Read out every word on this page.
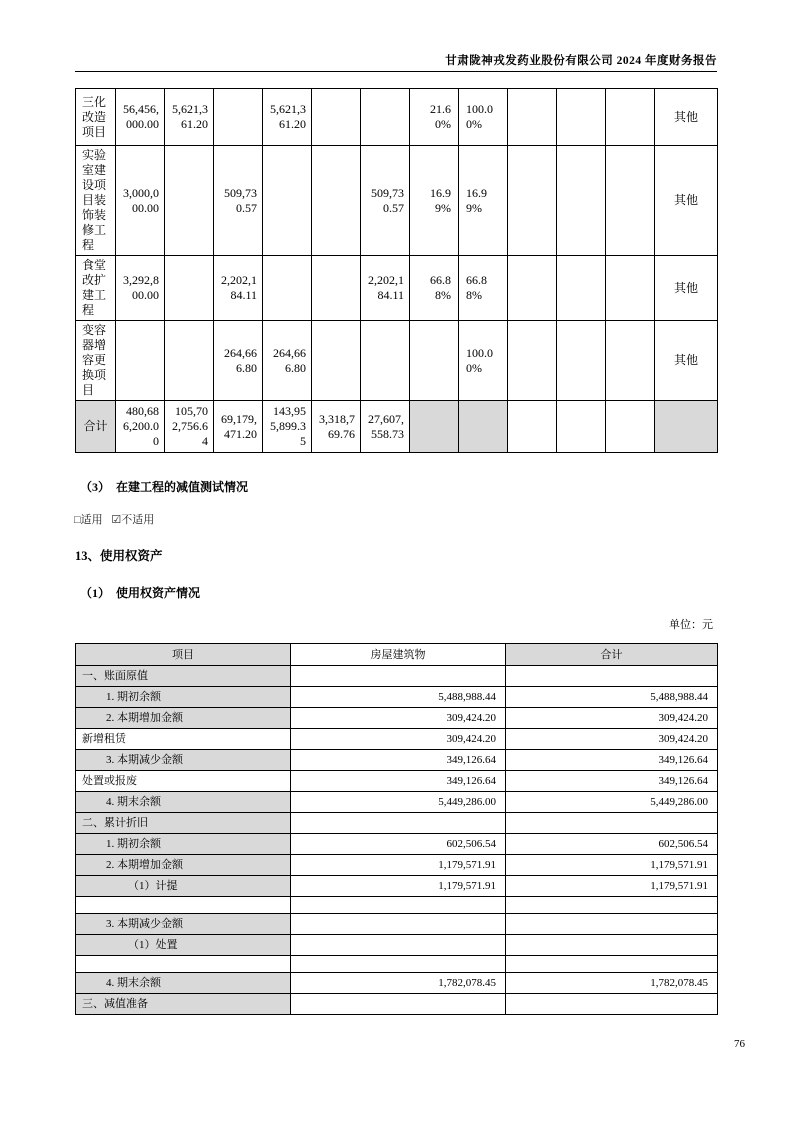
甘肃陇神戎发药业股份有限公司 2024 年度财务报告
三化改造项目	56,456,000.00	5,621,361.20		5,621,361.20			21.60%	100.00%				其他
实验室建设项目装饰装修工程	3,000,000.00		509,730.57			509,730.57	16.99%	16.99%				其他
食堂改扩建工程	3,292,800.00		2,202,184.11			2,202,184.11	66.88%	66.88%				其他
变容器增容更换项目			264,666.80	264,666.80				100.00%				其他
合计	480,686,200.00	105,702,756.64	69,179,471.20	143,955,899.35	3,318,769.76	27,607,558.73						
（3）　在建工程的减值测试情况
□适用 ☑不适用
13、使用权资产
（1）　使用权资产情况
单位：元
项目	房屋建筑物	合计
一、账面原值		
1. 期初余额	5,488,988.44	5,488,988.44
2. 本期增加金额	309,424.20	309,424.20
新增租赁	309,424.20	309,424.20
3. 本期减少金额	349,126.64	349,126.64
处置或报废	349,126.64	349,126.64
4. 期末余额	5,449,286.00	5,449,286.00
二、累计折旧		
1. 期初余额	602,506.54	602,506.54
2. 本期增加金额	1,179,571.91	1,179,571.91
（1）计提	1,179,571.91	1,179,571.91

3. 本期减少金额		
（1）处置		

4. 期末余额	1,782,078.45	1,782,078.45
三、减值准备		
76
